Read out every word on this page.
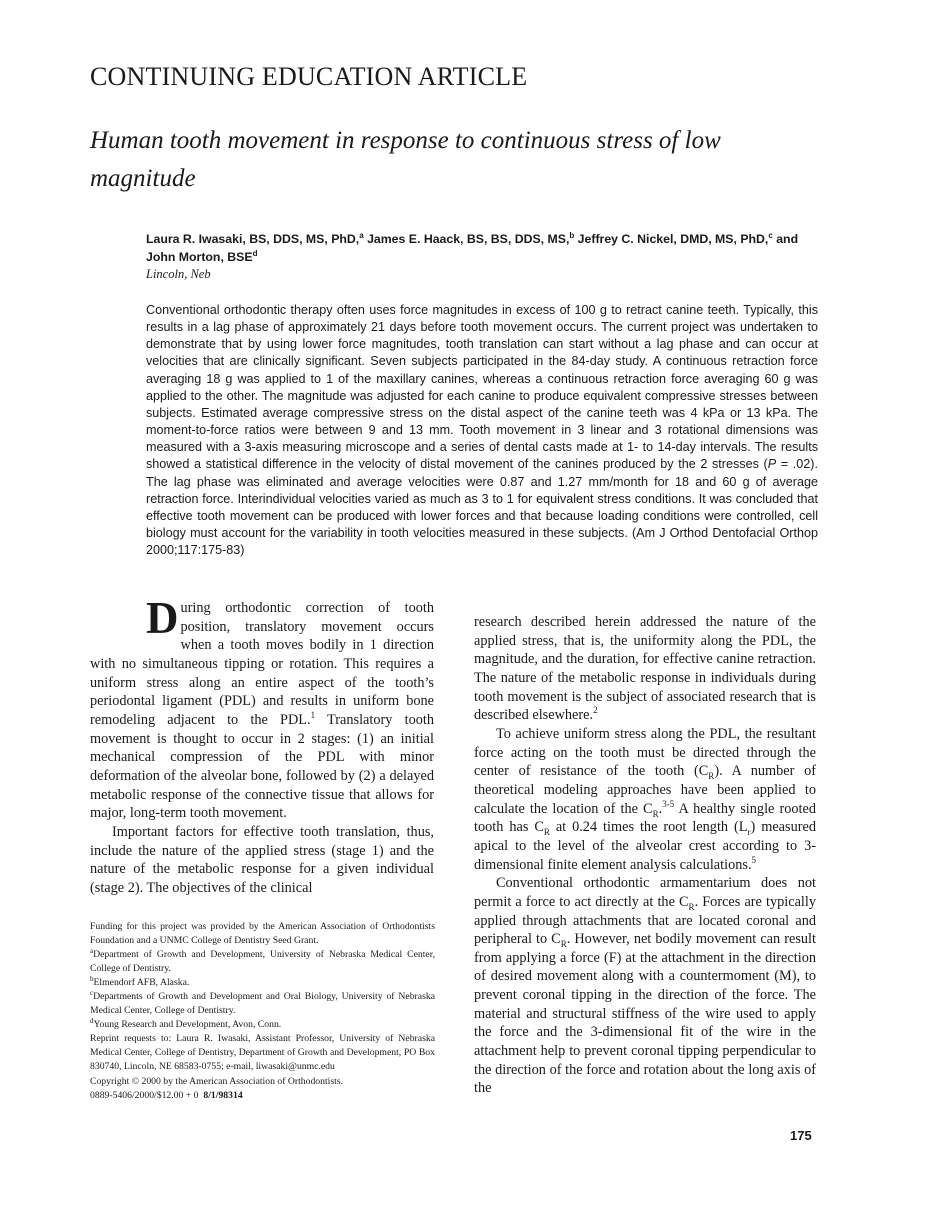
CONTINUING EDUCATION ARTICLE
Human tooth movement in response to continuous stress of low magnitude
Laura R. Iwasaki, BS, DDS, MS, PhD,$^a$ James E. Haack, BS, BS, DDS, MS,$^b$ Jeffrey C. Nickel, DMD, MS, PhD,$^c$ and John Morton, BSE$^d$
Lincoln, Neb
Conventional orthodontic therapy often uses force magnitudes in excess of 100 g to retract canine teeth. Typically, this results in a lag phase of approximately 21 days before tooth movement occurs. The current project was undertaken to demonstrate that by using lower force magnitudes, tooth translation can start without a lag phase and can occur at velocities that are clinically significant. Seven subjects participated in the 84-day study. A continuous retraction force averaging 18 g was applied to 1 of the maxillary canines, whereas a continuous retraction force averaging 60 g was applied to the other. The magnitude was adjusted for each canine to produce equivalent compressive stresses between subjects. Estimated average compressive stress on the distal aspect of the canine teeth was 4 kPa or 13 kPa. The moment-to-force ratios were between 9 and 13 mm. Tooth movement in 3 linear and 3 rotational dimensions was measured with a 3-axis measuring microscope and a series of dental casts made at 1- to 14-day intervals. The results showed a statistical difference in the velocity of distal movement of the canines produced by the 2 stresses (P = .02). The lag phase was eliminated and average velocities were 0.87 and 1.27 mm/month for 18 and 60 g of average retraction force. Interindividual velocities varied as much as 3 to 1 for equivalent stress conditions. It was concluded that effective tooth movement can be produced with lower forces and that because loading conditions were controlled, cell biology must account for the variability in tooth velocities measured in these subjects. (Am J Orthod Dentofacial Orthop 2000;117:175-83)

During orthodontic correction of tooth position, translatory movement occurs when a tooth moves bodily in 1 direction with no simultaneous tipping or rotation. This requires a uniform stress along an entire aspect of the tooth’s periodontal ligament (PDL) and results in uniform bone remodeling adjacent to the PDL.$^1$ Translatory tooth movement is thought to occur in 2 stages: (1) an initial mechanical compression of the PDL with minor deformation of the alveolar bone, followed by (2) a delayed metabolic response of the connective tissue that allows for major, long-term tooth movement.

Important factors for effective tooth translation, thus, include the nature of the applied stress (stage 1) and the nature of the metabolic response for a given individual (stage 2). The objectives of the clinical

research described herein addressed the nature of the applied stress, that is, the uniformity along the PDL, the magnitude, and the duration, for effective canine retraction. The nature of the metabolic response in individuals during tooth movement is the subject of associated research that is described elsewhere.$^2$

To achieve uniform stress along the PDL, the resultant force acting on the tooth must be directed through the center of resistance of the tooth $(C_R)$. A number of theoretical modeling approaches have been applied to calculate the location of the $C_R.^{3-5}$ A healthy single rooted tooth has $C_R$ at 0.24 times the root length $(L_r)$ measured apical to the level of the alveolar crest according to 3-dimensional finite element analysis calculations.$^5$

Conventional orthodontic armamentarium does not permit a force to act directly at the $C_R$. Forces are typically applied through attachments that are located coronal and peripheral to $C_R$. However, net bodily movement can result from applying a force (F) at the attachment in the direction of desired movement along with a countermoment (M), to prevent coronal tipping in the direction of the force. The material and structural stiffness of the wire used to apply the force and the 3-dimensional fit of the wire in the attachment help to prevent coronal tipping perpendicular to the direction of the force and rotation about the long axis of the

Funding for this project was provided by the American Association of Orthodontists Foundation and a UNMC College of Dentistry Seed Grant.

$^a$Department of Growth and Development, University of Nebraska Medical Center, College of Dentistry.

$^b$Elmendorf AFB, Alaska.

$^c$Departments of Growth and Development and Oral Biology, University of Nebraska Medical Center, College of Dentistry.

$^d$Young Research and Development, Avon, Conn.

Reprint requests to: Laura R. Iwasaki, Assistant Professor, University of Nebraska Medical Center, College of Dentistry, Department of Growth and Development, PO Box 830740, Lincoln, NE 68583-0755; e-mail, liwasaki@unmc.edu

Copyright © 2000 by the American Association of Orthodontists.

0889-5406/2000/$12.00 + 0  8/1/98314

175
